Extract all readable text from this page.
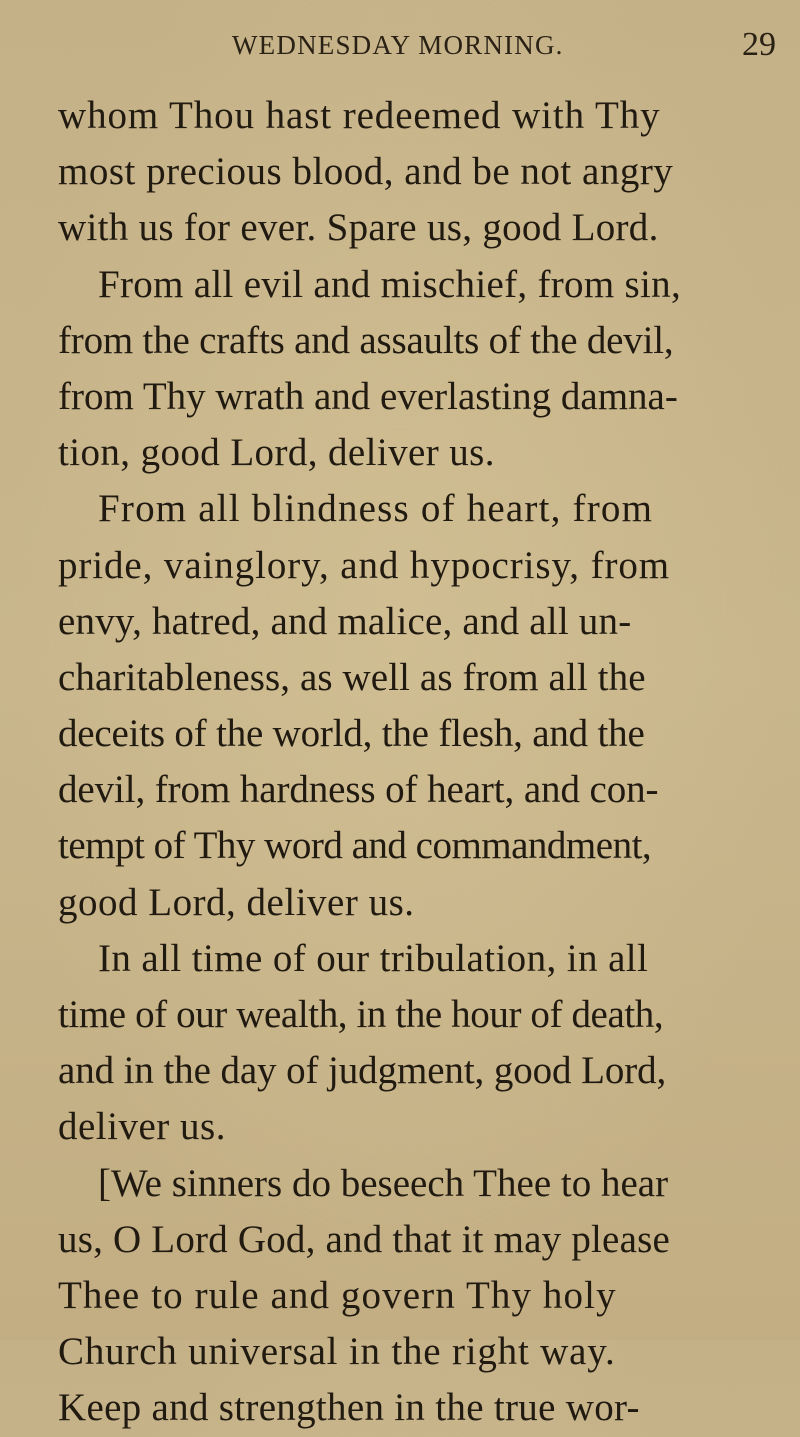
WEDNESDAY MORNING.	29
whom Thou hast redeemed with Thy
most precious blood, and be not angry
with us for ever. Spare us, good Lord.
From all evil and mischief, from sin,
from the crafts and assaults of the devil,
from Thy wrath and everlasting damna-
tion, good Lord, deliver us.
From all blindness of heart, from
pride, vainglory, and hypocrisy, from
envy, hatred, and malice, and all un-
charitableness, as well as from all the
deceits of the world, the flesh, and the
devil, from hardness of heart, and con-
tempt of Thy word and commandment,
good Lord, deliver us.
In all time of our tribulation, in all
time of our wealth, in the hour of death,
and in the day of judgment, good Lord,
deliver us.
[We sinners do beseech Thee to hear
us, O Lord God, and that it may please
Thee to rule and govern Thy holy
Church universal in the right way.
Keep and strengthen in the true wor-
